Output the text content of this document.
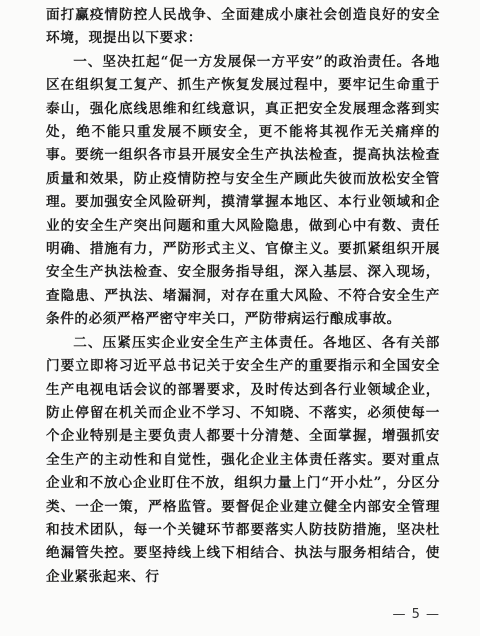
面打赢疫情防控人民战争、全面建成小康社会创造良好的安全环境，现提出以下要求：

一、坚决扛起“促一方发展保一方平安”的政治责任。各地区在组织复工复产、抓生产恢复发展过程中，要牢记生命重于泰山，强化底线思维和红线意识，真正把安全发展理念落到实处，绝不能只重发展不顾安全，更不能将其视作无关痛痒的事。要统一组织各市县开展安全生产执法检查，提高执法检查质量和效果，防止疫情防控与安全生产顾此失彼而放松安全管理。要加强安全风险研判，摸清掌握本地区、本行业领域和企业的安全生产突出问题和重大风险隐患，做到心中有数、责任明确、措施有力，严防形式主义、官僚主义。要抓紧组织开展安全生产执法检查、安全服务指导组，深入基层、深入现场，查隐患、严执法、堵漏洞，对存在重大风险、不符合安全生产条件的必须严格严密守牢关口，严防带病运行酿成事故。

二、压紧压实企业安全生产主体责任。各地区、各有关部门要立即将习近平总书记关于安全生产的重要指示和全国安全生产电视电话会议的部署要求，及时传达到各行业领域企业，防止停留在机关而企业不学习、不知晓、不落实，必须使每一个企业特别是主要负责人都要十分清楚、全面掌握，增强抓安全生产的主动性和自觉性，强化企业主体责任落实。要对重点企业和不放心企业盯住不放，组织力量上门“开小灶”，分区分类、一企一策，严格监管。要督促企业建立健全内部安全管理和技术团队，每一个关键环节都要落实人防技防措施，坚决杜绝漏管失控。要坚持线上线下相结合、执法与服务相结合，使企业紧张起来、行

— 5 —
